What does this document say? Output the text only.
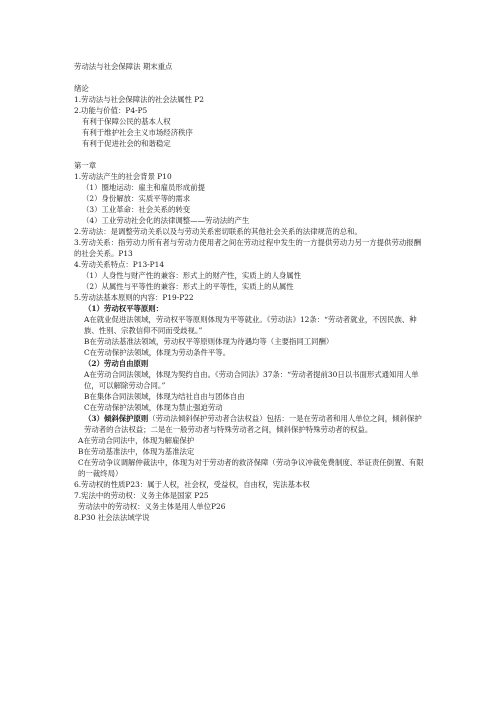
劳动法与社会保障法 期末重点
绪论
1.劳动法与社会保障法的社会法属性 P2
2.功能与价值：P4-P5
有利于保障公民的基本人权
有利于维护社会主义市场经济秩序
有利于促进社会的和谐稳定
第一章
1.劳动法产生的社会背景 P10
（1）圈地运动：雇主和雇员形成前提
（2）身份解放：实质平等的需求
（3）工业革命：社会关系的转变
（4）工业劳动社会化的法律调整——劳动法的产生
2.劳动法：是调整劳动关系以及与劳动关系密切联系的其他社会关系的法律规范的总和。
3.劳动关系：指劳动力所有者与劳动力使用者之间在劳动过程中发生的一方提供劳动力另一方提供劳动报酬的社会关系。P13
4.劳动关系特点：P13-P14
（1）人身性与财产性的兼容：形式上的财产性，实质上的人身属性
（2）从属性与平等性的兼容：形式上的平等性，实质上的从属性
5.劳动法基本原则的内容：P19-P22
（1）劳动权平等原则：
A在就业促进法领域，劳动权平等原则体现为平等就业。《劳动法》12条：“劳动者就业，不因民族、种族、性别、宗教信仰不同而受歧视。”
B在劳动法基准法领域，劳动权平等原则体现为待遇均等（主要指同工同酬）
C在劳动保护法领域，体现为劳动条件平等。
（2）劳动自由原则
A在劳动合同法领域，体现为契约自由。《劳动合同法》37条：“劳动者提前30日以书面形式通知用人单位，可以解除劳动合同。”
B在集体合同法领域，体现为结社自由与团体自由
C在劳动保护法领域，体现为禁止强迫劳动
（3）倾斜保护原则（劳动法倾斜保护劳动者合法权益）包括：一是在劳动者和用人单位之间，倾斜保护劳动者的合法权益；二是在一般劳动者与特殊劳动者之间，倾斜保护特殊劳动者的权益。
A在劳动合同法中，体现为解雇保护
B在劳动基准法中，体现为基准法定
C在劳动争议调解仲裁法中，体现为对于劳动者的救济保障（劳动争议冲裁免费制度、举证责任倒置、有限的一裁终局）
6.劳动权的性质P23：属于人权，社会权，受益权，自由权，宪法基本权
7.宪法中的劳动权：义务主体是国家 P25
劳动法中的劳动权：义务主体是用人单位P26
8.P30 社会法法域学说
